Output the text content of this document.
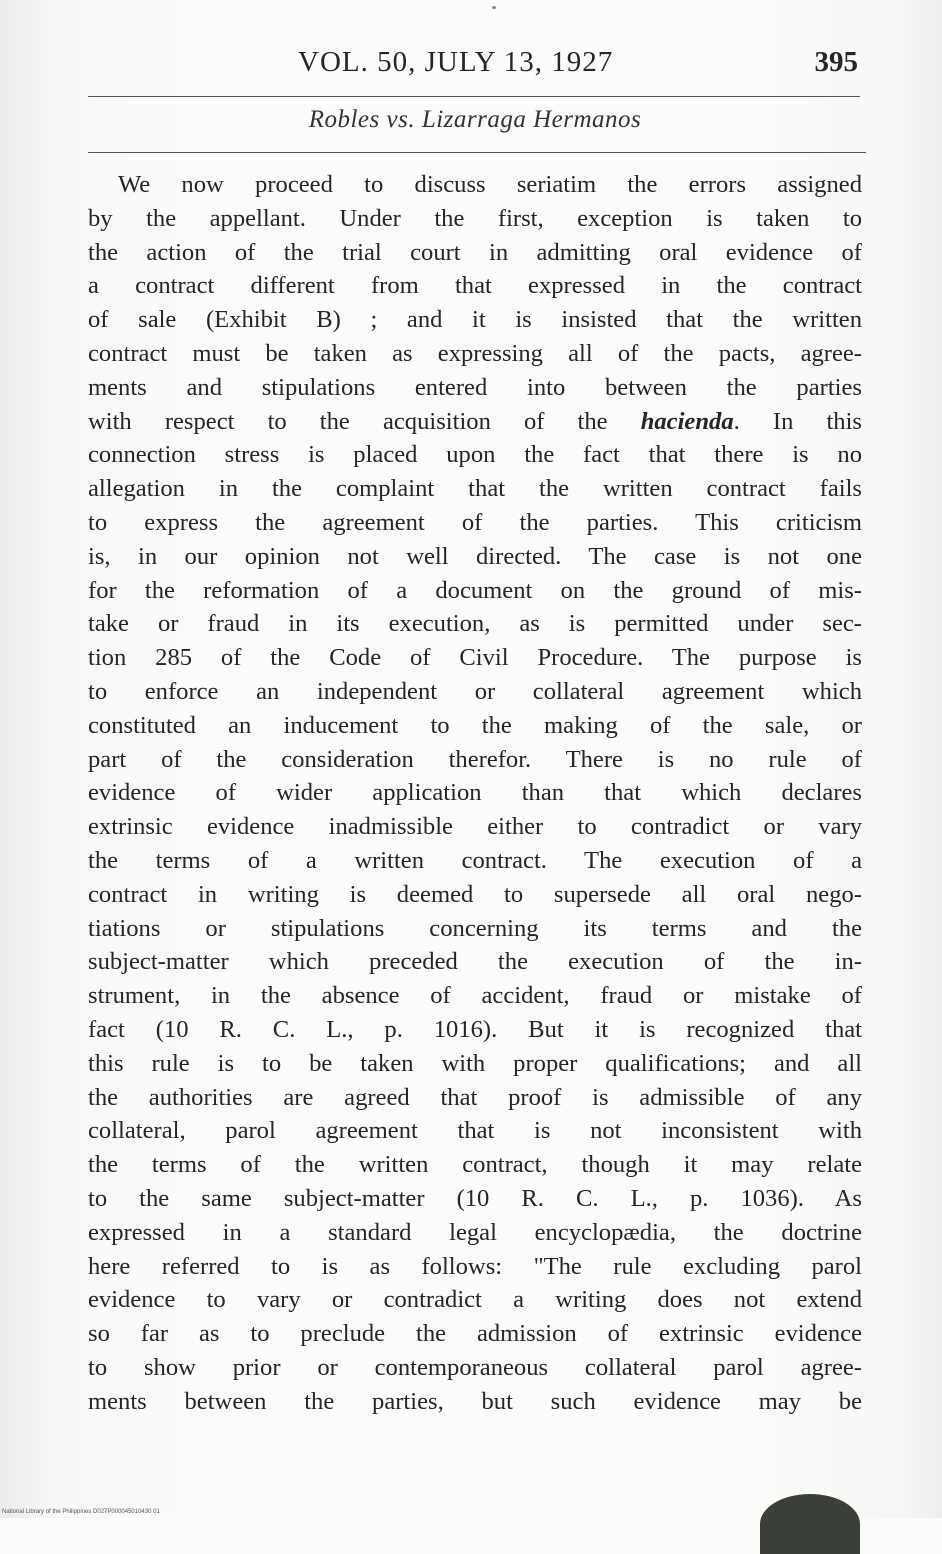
VOL. 50, JULY 13, 1927	395
Robles vs. Lizarraga Hermanos
We now proceed to discuss seriatim the errors assigned
by the appellant. Under the first, exception is taken to
the action of the trial court in admitting oral evidence of
a contract different from that expressed in the contract
of sale (Exhibit B) ; and it is insisted that the written
contract must be taken as expressing all of the pacts, agree-
ments and stipulations entered into between the parties
with respect to the acquisition of the hacienda. In this
connection stress is placed upon the fact that there is no
allegation in the complaint that the written contract fails
to express the agreement of the parties. This criticism
is, in our opinion not well directed. The case is not one
for the reformation of a document on the ground of mis-
take or fraud in its execution, as is permitted under sec-
tion 285 of the Code of Civil Procedure. The purpose is
to enforce an independent or collateral agreement which
constituted an inducement to the making of the sale, or
part of the consideration therefor. There is no rule of
evidence of wider application than that which declares
extrinsic evidence inadmissible either to contradict or vary
the terms of a written contract. The execution of a
contract in writing is deemed to supersede all oral nego-
tiations or stipulations concerning its terms and the
subject-matter which preceded the execution of the in-
strument, in the absence of accident, fraud or mistake of
fact (10 R. C. L., p. 1016). But it is recognized that
this rule is to be taken with proper qualifications; and all
the authorities are agreed that proof is admissible of any
collateral, parol agreement that is not inconsistent with
the terms of the written contract, though it may relate
to the same subject-matter (10 R. C. L., p. 1036). As
expressed in a standard legal encyclopædia, the doctrine
here referred to is as follows: "The rule excluding parol
evidence to vary or contradict a writing does not extend
so far as to preclude the admission of extrinsic evidence
to show prior or contemporaneous collateral parol agree-
ments between the parties, but such evidence may be
National Library of the Philippines D027P000045010430 01
